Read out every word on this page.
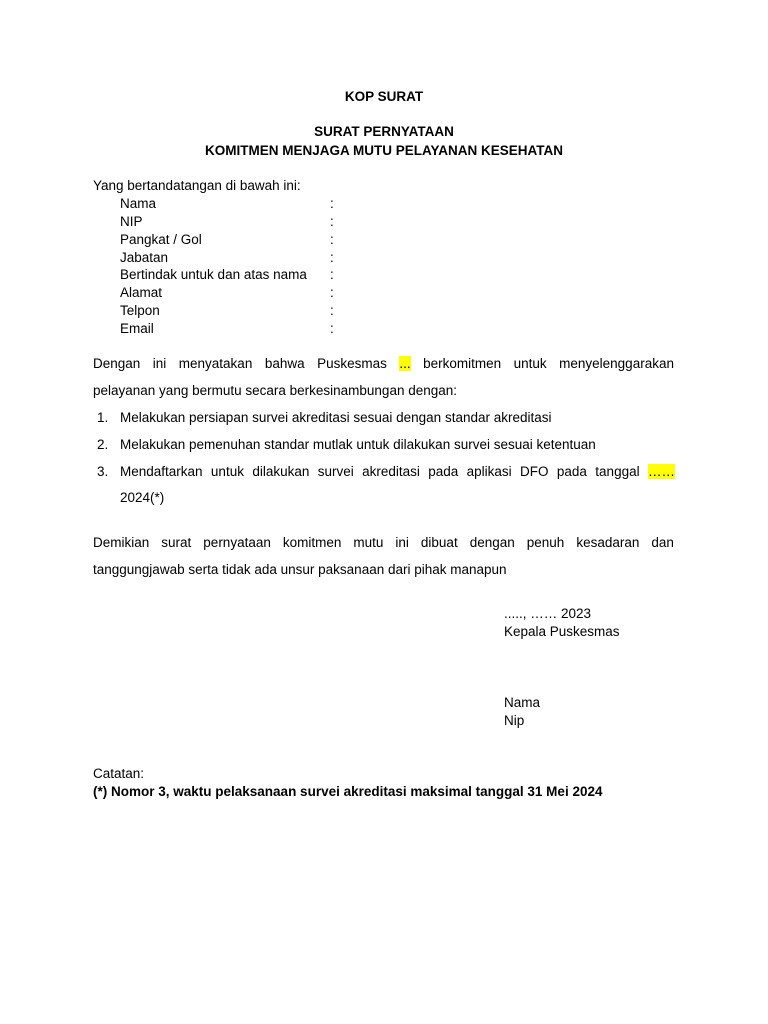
KOP SURAT
SURAT PERNYATAAN
KOMITMEN MENJAGA MUTU PELAYANAN KESEHATAN
Yang bertandatangan di bawah ini:
Nama	:
NIP	:
Pangkat / Gol	:
Jabatan	:
Bertindak untuk dan atas nama :
Alamat	:
Telpon	:
Email	:
Dengan ini menyatakan bahwa Puskesmas ... berkomitmen untuk menyelenggarakan
pelayanan yang bermutu secara berkesinambungan dengan:
1. Melakukan persiapan survei akreditasi sesuai dengan standar akreditasi
2. Melakukan pemenuhan standar mutlak untuk dilakukan survei sesuai ketentuan
3. Mendaftarkan untuk dilakukan survei akreditasi pada aplikasi DFO pada tanggal ……
2024(*)
Demikian surat pernyataan komitmen mutu ini dibuat dengan penuh kesadaran dan
tanggungjawab serta tidak ada unsur paksanaan dari pihak manapun
....., …… 2023
Kepala Puskesmas
Nama
Nip
Catatan:
(*) Nomor 3, waktu pelaksanaan survei akreditasi maksimal tanggal 31 Mei 2024
